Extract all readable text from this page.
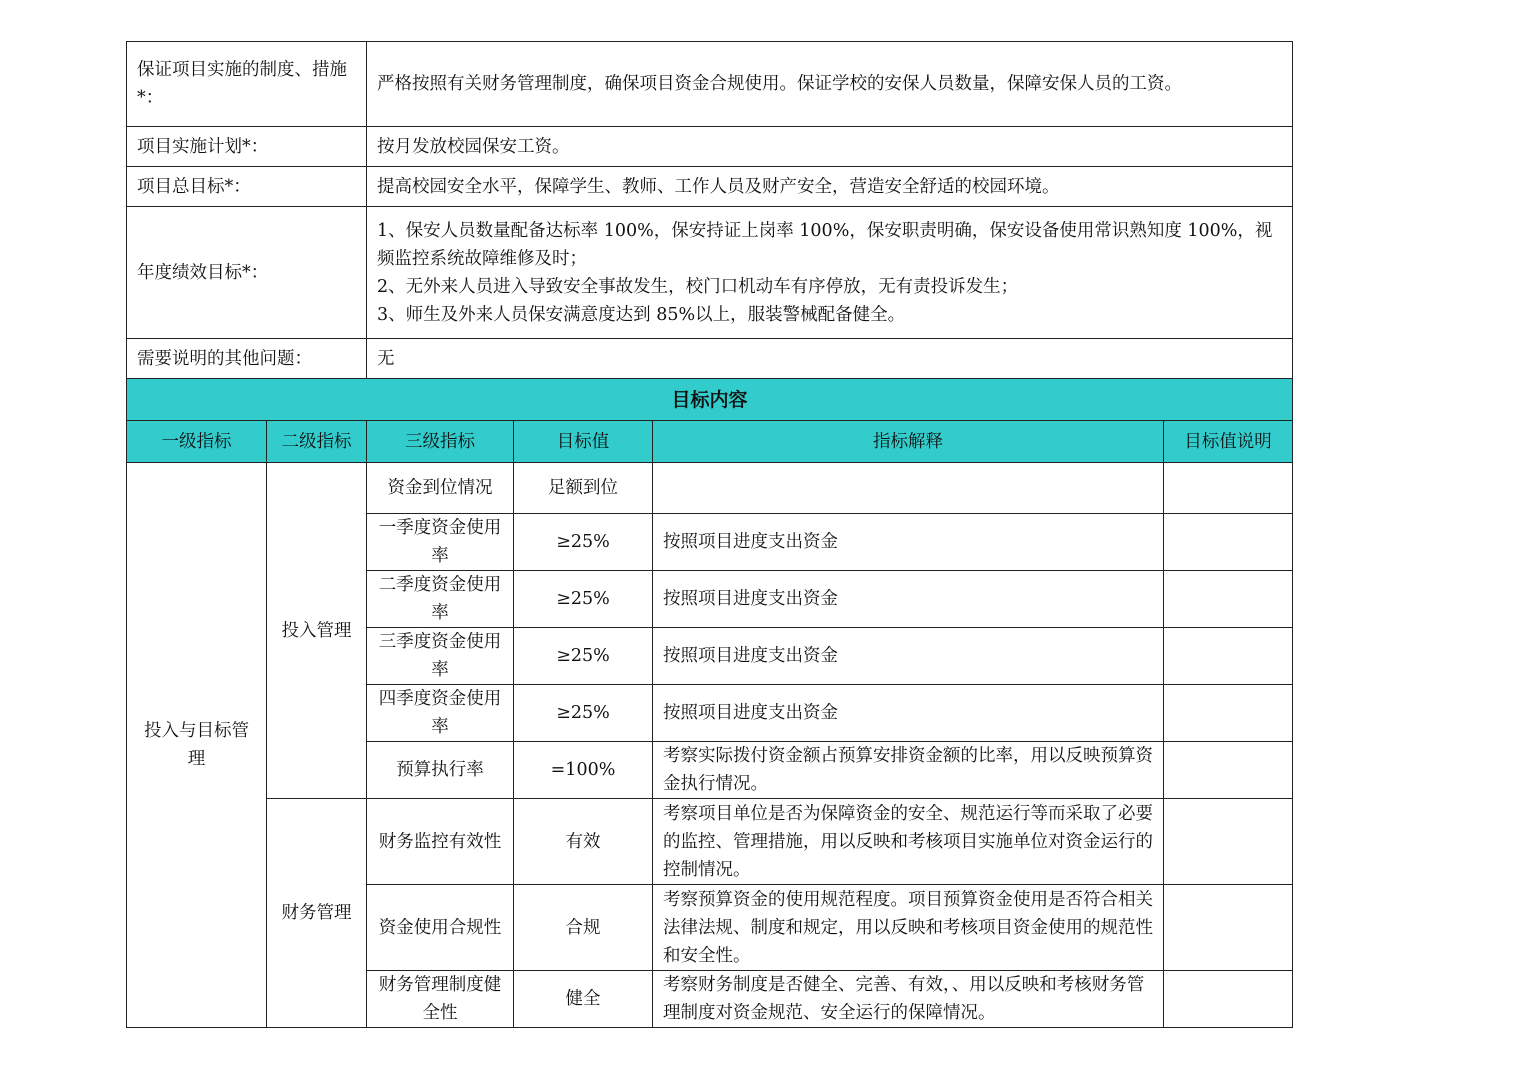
保证项目实施的制度、措施*：		严格按照有关财务管理制度，确保项目资金合规使用。保证学校的安保人员数量，保障安保人员的工资。			
项目实施计划*：		按月发放校园保安工资。			
项目总目标*：		提高校园安全水平，保障学生、教师、工作人员及财产安全，营造安全舒适的校园环境。			
年度绩效目标*：		1、保安人员数量配备达标率 100%，保安持证上岗率 100%，保安职责明确，保安设备使用常识熟知度 100%，视频监控系统故障维修及时；
2、无外来人员进入导致安全事故发生，校门口机动车有序停放，无有责投诉发生；
3、师生及外来人员保安满意度达到 85%以上，服装警械配备健全。			

需要说明的其他问题：		无			
目标内容					
一级指标	二级指标	三级指标	目标值	指标解释	目标值说明
投入与目标管理	投入管理	资金到位情况	足额到位		
		一季度资金使用率	≥25%	按照项目进度支出资金	
		二季度资金使用率	≥25%	按照项目进度支出资金	
		三季度资金使用率	≥25%	按照项目进度支出资金	
		四季度资金使用率	≥25%	按照项目进度支出资金	
		预算执行率	=100%	考察实际拨付资金额占预算安排资金额的比率，用以反映预算资金执行情况。	
	财务管理	财务监控有效性	有效	考察项目单位是否为保障资金的安全、规范运行等而采取了必要的监控、管理措施，用以反映和考核项目实施单位对资金运行的控制情况。	
		资金使用合规性	合规	考察预算资金的使用规范程度。项目预算资金使用是否符合相关法律法规、制度和规定，用以反映和考核项目资金使用的规范性和安全性。	
		财务管理制度健全性	健全	考察财务制度是否健全、完善、有效，、用以反映和考核财务管理制度对资金规范、安全运行的保障情况。	
